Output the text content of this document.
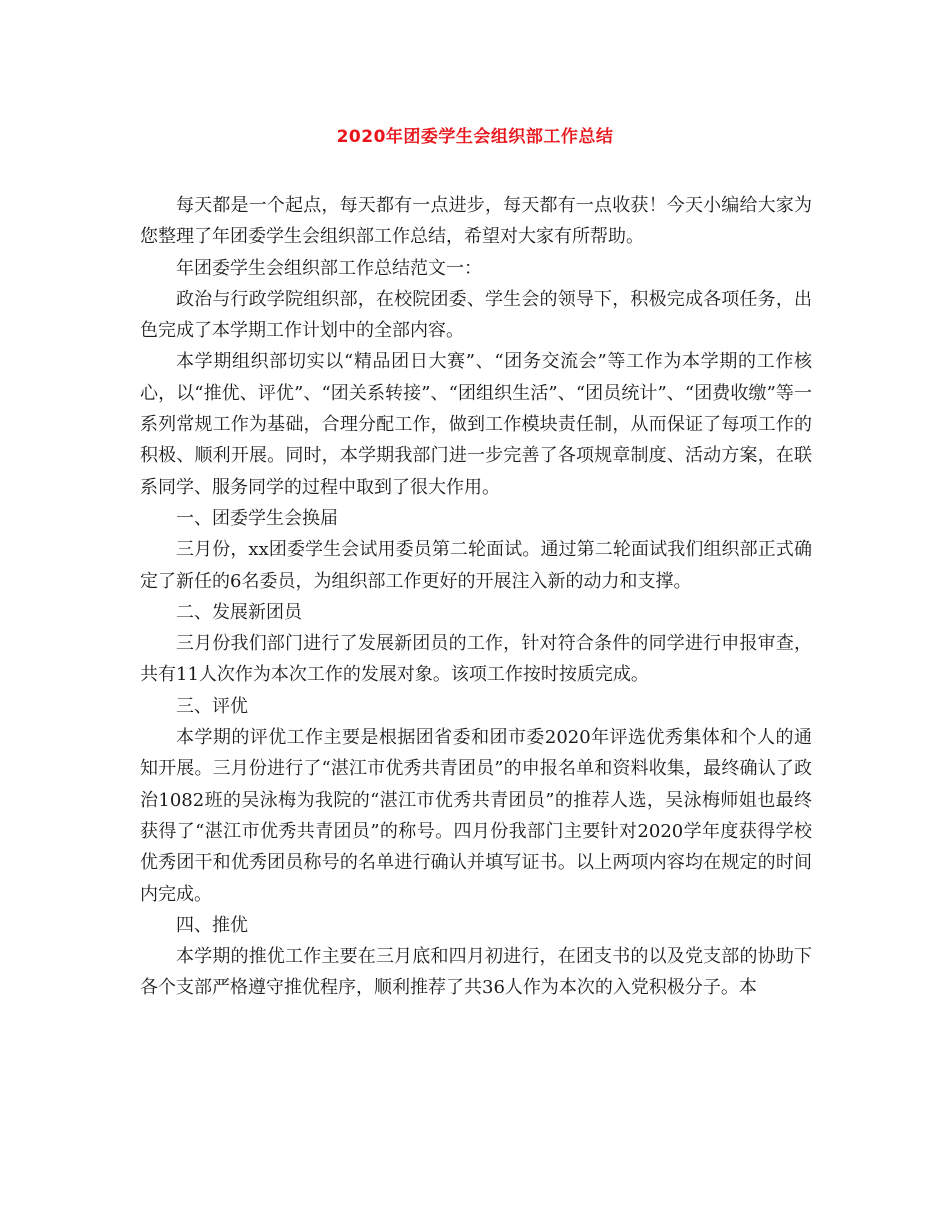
2020年团委学生会组织部工作总结

每天都是一个起点，每天都有一点进步，每天都有一点收获！今天小编给大家为您整理了年团委学生会组织部工作总结，希望对大家有所帮助。

年团委学生会组织部工作总结范文一：

政治与行政学院组织部，在校院团委、学生会的领导下，积极完成各项任务，出色完成了本学期工作计划中的全部内容。

本学期组织部切实以“精品团日大赛”、“团务交流会”等工作为本学期的工作核心，以“推优、评优”、“团关系转接”、“团组织生活”、“团员统计”、“团费收缴”等一系列常规工作为基础，合理分配工作，做到工作模块责任制，从而保证了每项工作的积极、顺利开展。同时，本学期我部门进一步完善了各项规章制度、活动方案，在联系同学、服务同学的过程中取到了很大作用。

一、团委学生会换届

三月份，xx团委学生会试用委员第二轮面试。通过第二轮面试我们组织部正式确定了新任的6名委员，为组织部工作更好的开展注入新的动力和支撑。

二、发展新团员

三月份我们部门进行了发展新团员的工作，针对符合条件的同学进行申报审查，共有11人次作为本次工作的发展对象。该项工作按时按质完成。

三、评优

本学期的评优工作主要是根据团省委和团市委2020年评选优秀集体和个人的通知开展。三月份进行了“湛江市优秀共青团员”的申报名单和资料收集，最终确认了政治1082班的吴泳梅为我院的“湛江市优秀共青团员”的推荐人选，吴泳梅师姐也最终获得了“湛江市优秀共青团员”的称号。四月份我部门主要针对2020学年度获得学校优秀团干和优秀团员称号的名单进行确认并填写证书。以上两项内容均在规定的时间内完成。

四、推优

本学期的推优工作主要在三月底和四月初进行，在团支书的以及党支部的协助下各个支部严格遵守推优程序，顺利推荐了共36人作为本次的入党积极分子。本
